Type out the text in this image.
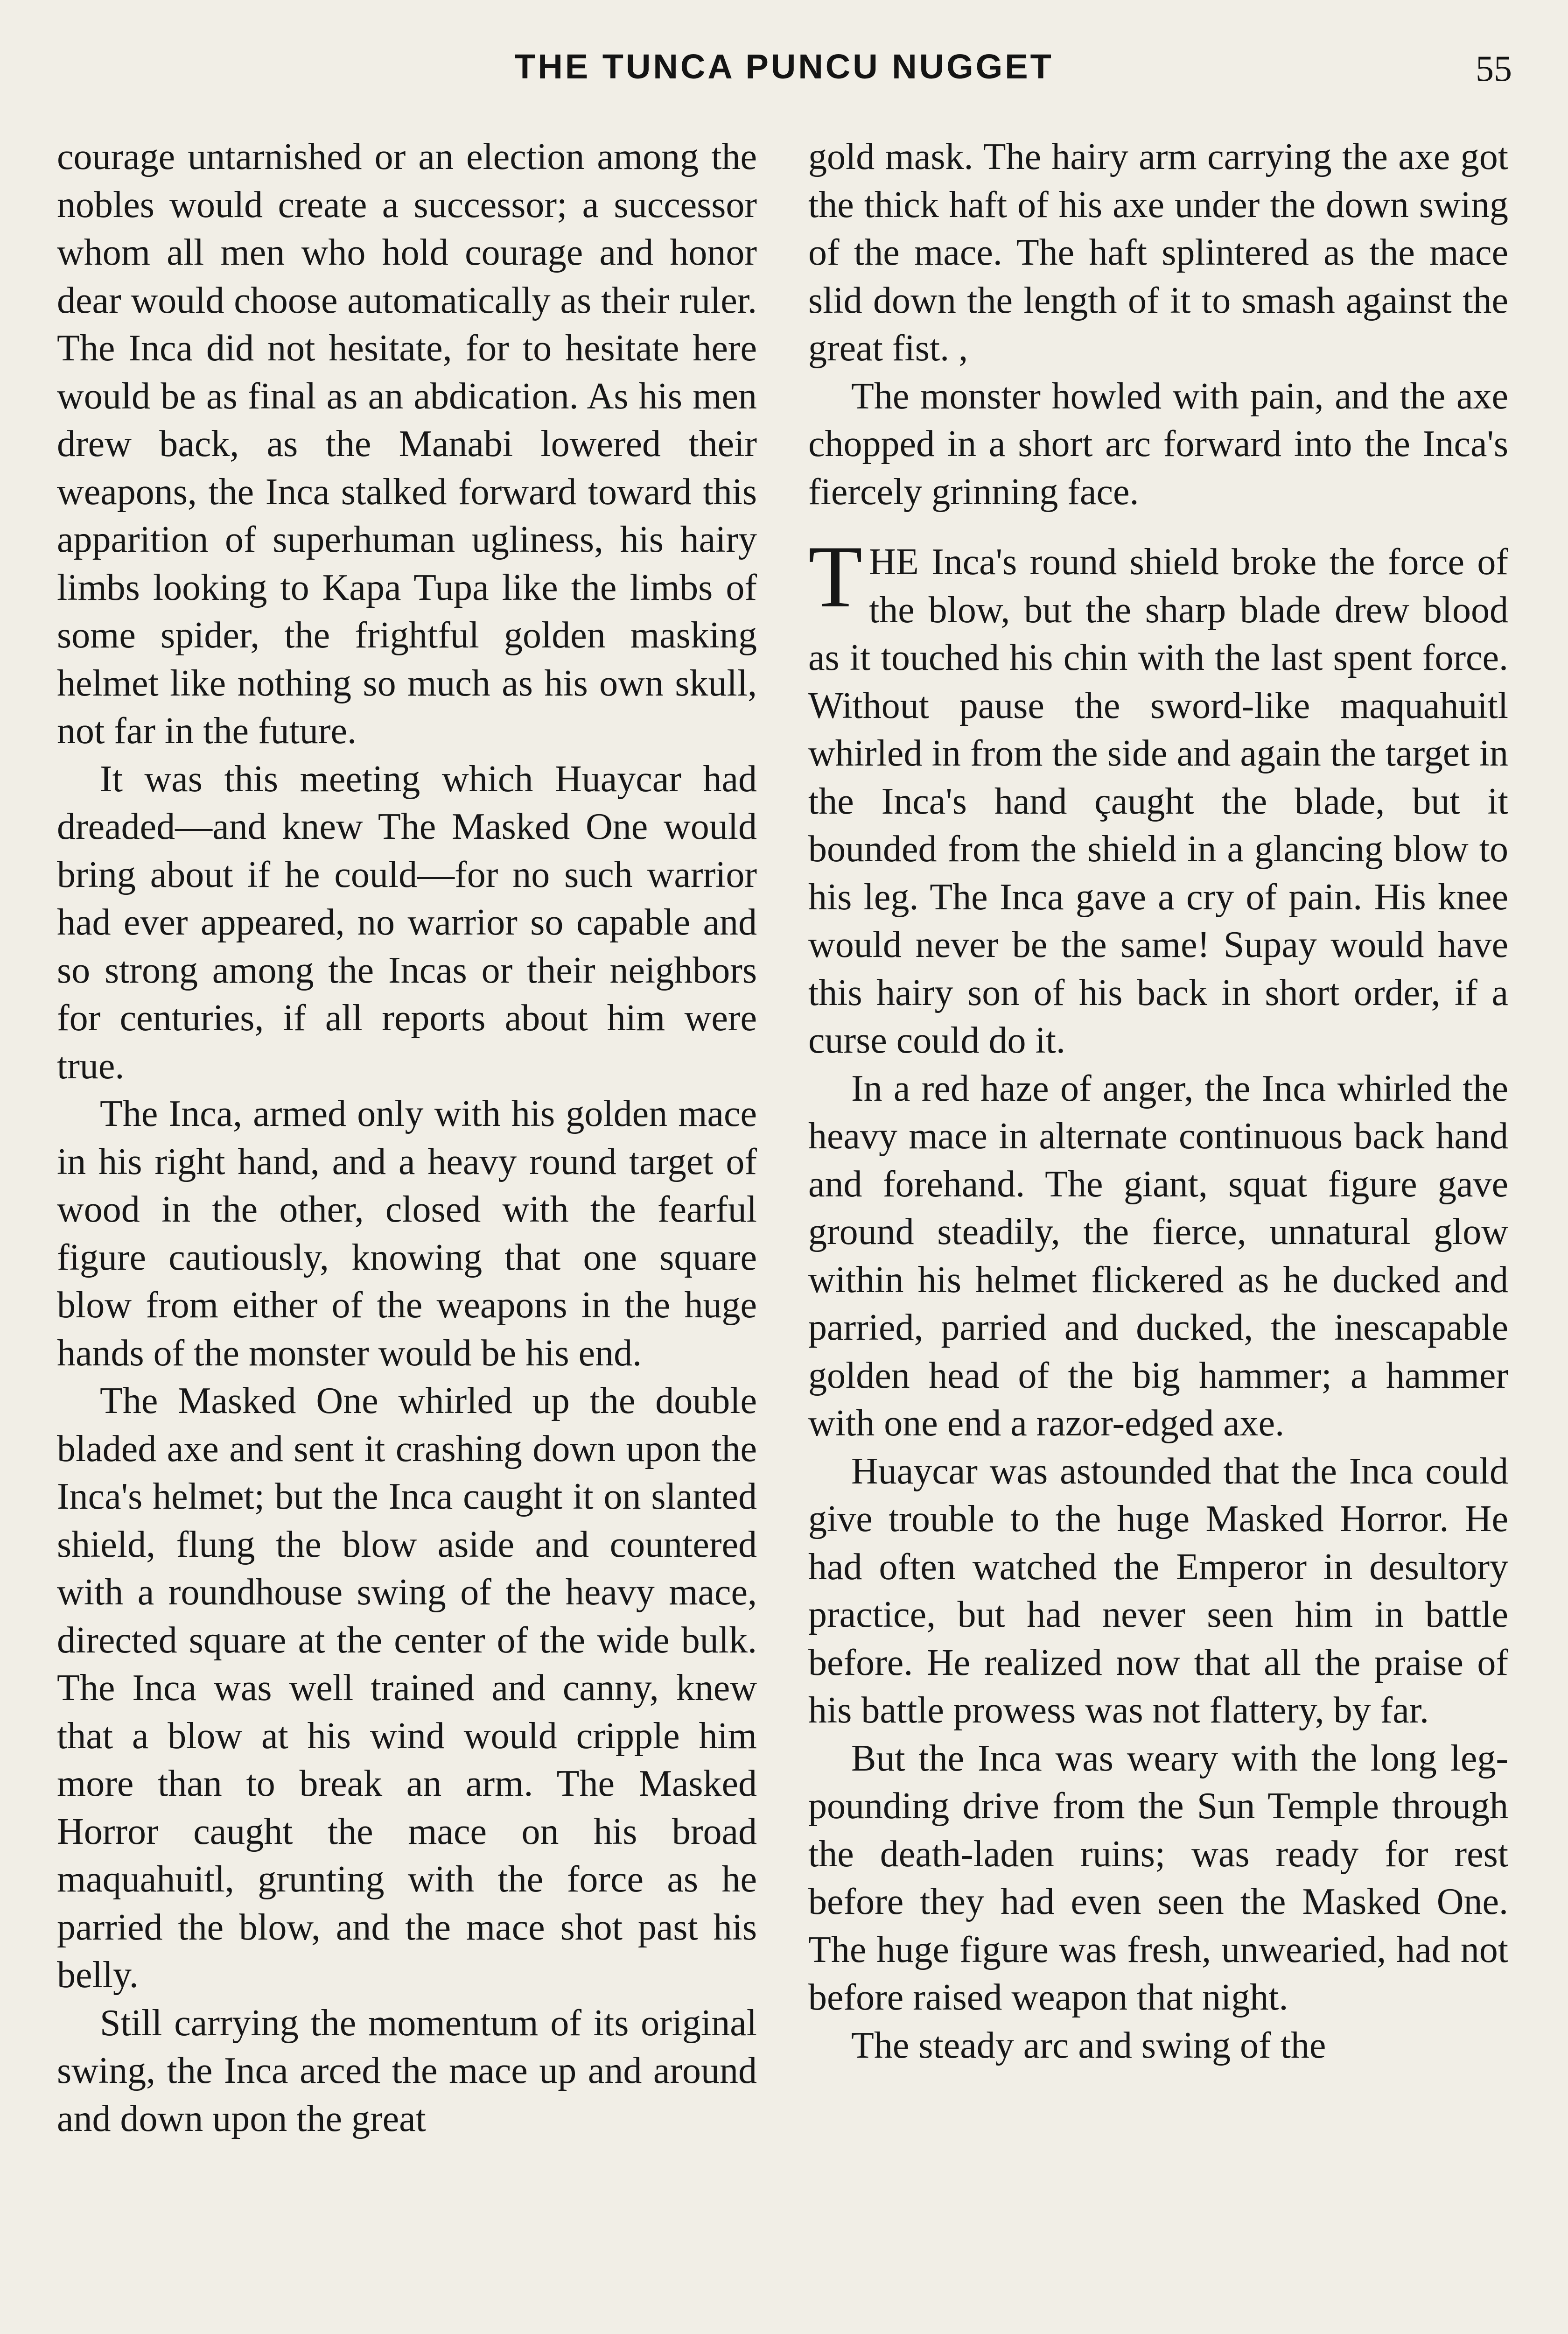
THE TUNCA PUNCU NUGGET	55

courage untarnished or an election among the nobles would create a successor; a successor whom all men who hold courage and honor dear would choose automatically as their ruler. The Inca did not hesitate, for to hesitate here would be as final as an abdication. As his men drew back, as the Manabi lowered their weapons, the Inca stalked forward toward this apparition of superhuman ugliness, his hairy limbs looking to Kapa Tupa like the limbs of some spider, the frightful golden masking helmet like nothing so much as his own skull, not far in the future.

It was this meeting which Huaycar had dreaded—and knew The Masked One would bring about if he could—for no such warrior had ever appeared, no warrior so capable and so strong among the Incas or their neighbors for centuries, if all reports about him were true.

The Inca, armed only with his golden mace in his right hand, and a heavy round target of wood in the other, closed with the fearful figure cautiously, knowing that one square blow from either of the weapons in the huge hands of the monster would be his end.

The Masked One whirled up the double bladed axe and sent it crashing down upon the Inca's helmet; but the Inca caught it on slanted shield, flung the blow aside and countered with a roundhouse swing of the heavy mace, directed square at the center of the wide bulk. The Inca was well trained and canny, knew that a blow at his wind would cripple him more than to break an arm. The Masked Horror caught the mace on his broad maquahuitl, grunting with the force as he parried the blow, and the mace shot past his belly.

Still carrying the momentum of its original swing, the Inca arced the mace up and around and down upon the great

gold mask. The hairy arm carrying the axe got the thick haft of his axe under the down swing of the mace. The haft splintered as the mace slid down the length of it to smash against the great fist. ,

The monster howled with pain, and the axe chopped in a short arc forward into the Inca's fiercely grinning face.

THE Inca's round shield broke the force of the blow, but the sharp blade drew blood as it touched his chin with the last spent force. Without pause the sword-like maquahuitl whirled in from the side and again the target in the Inca's hand çaught the blade, but it bounded from the shield in a glancing blow to his leg. The Inca gave a cry of pain. His knee would never be the same! Supay would have this hairy son of his back in short order, if a curse could do it.

In a red haze of anger, the Inca whirled the heavy mace in alternate continuous back hand and forehand. The giant, squat figure gave ground steadily, the fierce, unnatural glow within his helmet flickered as he ducked and parried, parried and ducked, the inescapable golden head of the big hammer; a hammer with one end a razor-edged axe.

Huaycar was astounded that the Inca could give trouble to the huge Masked Horror. He had often watched the Emperor in desultory practice, but had never seen him in battle before. He realized now that all the praise of his battle prowess was not flattery, by far.

But the Inca was weary with the long leg-pounding drive from the Sun Temple through the death-laden ruins; was ready for rest before they had even seen the Masked One. The huge figure was fresh, unwearied, had not before raised weapon that night.

The steady arc and swing of the
